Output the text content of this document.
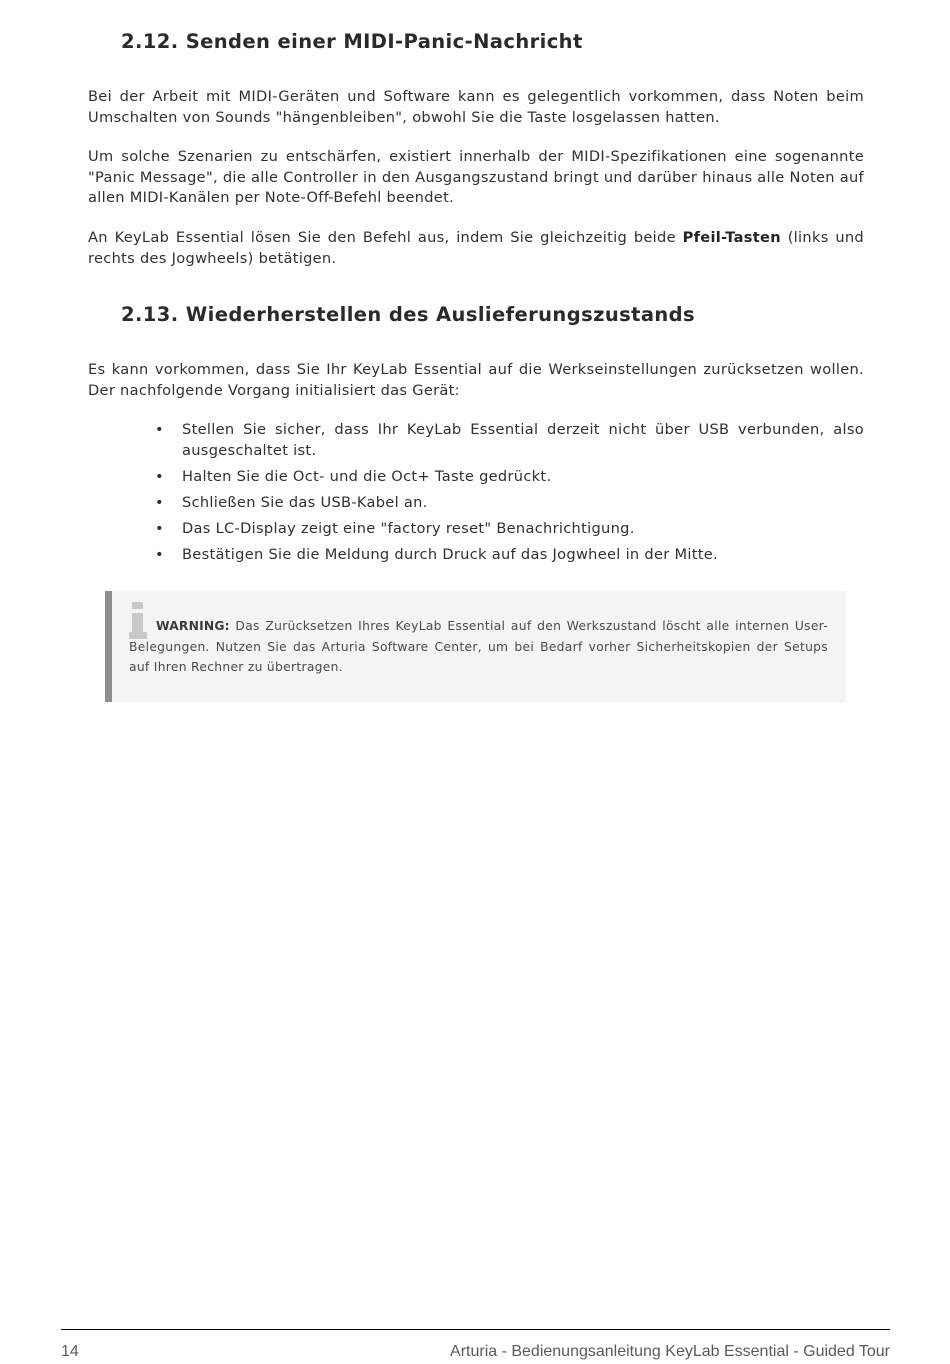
2.12. Senden einer MIDI-Panic-Nachricht

Bei der Arbeit mit MIDI-Geräten und Software kann es gelegentlich vorkommen, dass Noten beim Umschalten von Sounds "hängenbleiben", obwohl Sie die Taste losgelassen hatten.

Um solche Szenarien zu entschärfen, existiert innerhalb der MIDI-Spezifikationen eine sogenannte "Panic Message", die alle Controller in den Ausgangszustand bringt und darüber hinaus alle Noten auf allen MIDI-Kanälen per Note-Off-Befehl beendet.

An KeyLab Essential lösen Sie den Befehl aus, indem Sie gleichzeitig beide Pfeil-Tasten (links und rechts des Jogwheels) betätigen.

2.13. Wiederherstellen des Auslieferungszustands

Es kann vorkommen, dass Sie Ihr KeyLab Essential auf die Werkseinstellungen zurücksetzen wollen. Der nachfolgende Vorgang initialisiert das Gerät:

• Stellen Sie sicher, dass Ihr KeyLab Essential derzeit nicht über USB verbunden, also ausgeschaltet ist.
• Halten Sie die Oct- und die Oct+ Taste gedrückt.
• Schließen Sie das USB-Kabel an.
• Das LC-Display zeigt eine "factory reset" Benachrichtigung.
• Bestätigen Sie die Meldung durch Druck auf das Jogwheel in der Mitte.

WARNING: Das Zurücksetzen Ihres KeyLab Essential auf den Werkszustand löscht alle internen User-Belegungen. Nutzen Sie das Arturia Software Center, um bei Bedarf vorher Sicherheitskopien der Setups auf Ihren Rechner zu übertragen.

14	Arturia - Bedienungsanleitung KeyLab Essential - Guided Tour
